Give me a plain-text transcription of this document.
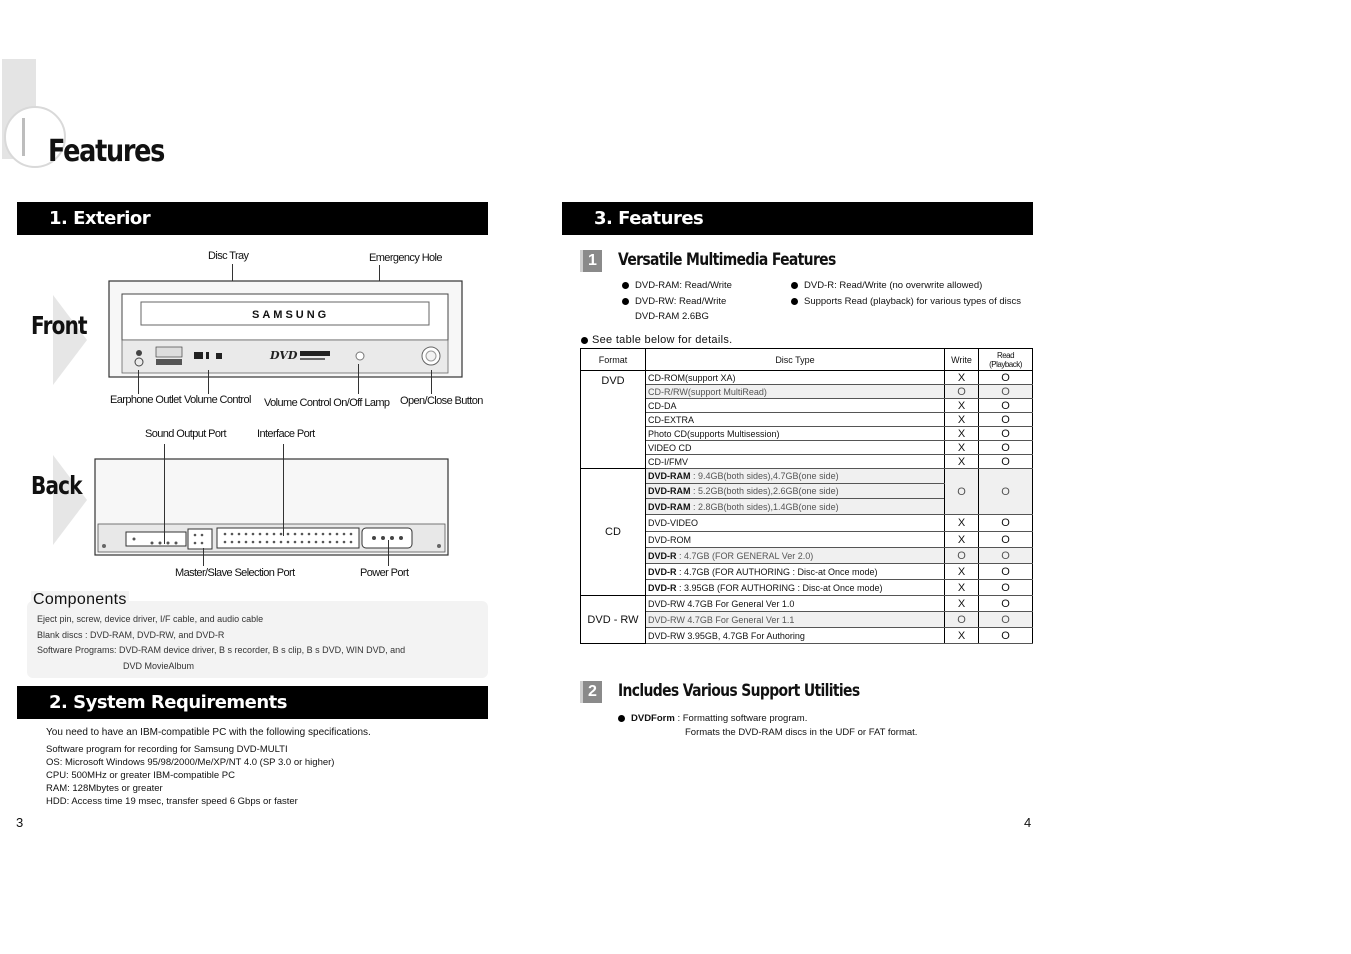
Features
1. Exterior
Front
Disc Tray	Emergency Hole
DVD
SAMSUNG
Earphone Outlet Volume Control Volume Control On/Off Lamp Open/Close Button
Back
Sound Output Port	Interface Port
Master/Slave Selection Port	Power Port
Components
Eject pin, screw, device driver, I/F cable, and audio cable
Blank discs : DVD-RAM, DVD-RW, and DVD-R
Software Programs: DVD-RAM device driver, B s recorder, B s clip, B s DVD, WIN DVD, and
DVD MovieAlbum
2. System Requirements
You need to have an IBM-compatible PC with the following specifications.
Software program for recording for Samsung DVD-MULTI
OS: Microsoft Windows 95/98/2000/Me/XP/NT 4.0 (SP 3.0 or higher)
CPU: 500MHz or greater IBM-compatible PC
RAM: 128Mbytes or greater
HDD: Access time 19 msec, transfer speed 6 Gbps or faster
3
3. Features
1 Versatile Multimedia Features
DVD-RAM: Read/Write
DVD-RW: Read/Write
DVD-RAM 2.6BG
DVD-R: Read/Write (no overwrite allowed)
Supports Read (playback) for various types of discs
See table below for details.
Format	Disc Type	Write	Read
(Playback)
DVD	CD-ROM(support XA)	X	O
	CD-R/RW(support MultiRead)	O	O
	CD-DA	X	O
	CD-EXTRA	X	O
	Photo CD(supports Multisession)	X	O
	VIDEO CD	X	O
	CD-I/FMV	X	O
CD	DVD-RAM : 9.4GB(both sides),4.7GB(one side)	O	O
	DVD-RAM : 5.2GB(both sides),2.6GB(one side)		
	DVD-RAM : 2.8GB(both sides),1.4GB(one side)		
	DVD-VIDEO	X	O
	DVD-ROM	X	O
	DVD-R : 4.7GB (FOR GENERAL Ver 2.0)	O	O
	DVD-R : 4.7GB (FOR AUTHORING : Disc-at Once mode)	X	O
	DVD-R : 3.95GB (FOR AUTHORING : Disc-at Once mode)	X	O
DVD - RW	DVD-RW 4.7GB For General Ver 1.0	X	O
	DVD-RW 4.7GB For General Ver 1.1	O	O
	DVD-RW 3.95GB, 4.7GB For Authoring	X	O
2 Includes Various Support Utilities
DVDForm : Formatting software program.
Formats the DVD-RAM discs in the UDF or FAT format.
4
